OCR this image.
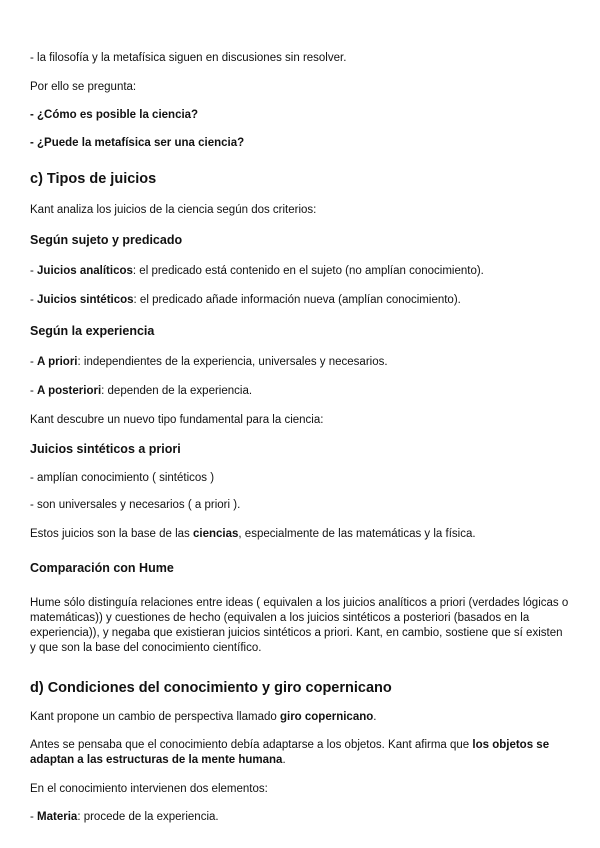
- la filosofía y la metafísica siguen en discusiones sin resolver.

Por ello se pregunta:

- ¿Cómo es posible la ciencia?

- ¿Puede la metafísica ser una ciencia?

c) Tipos de juicios

Kant analiza los juicios de la ciencia según dos criterios:

Según sujeto y predicado

- Juicios analíticos: el predicado está contenido en el sujeto (no amplían conocimiento).

- Juicios sintéticos: el predicado añade información nueva (amplían conocimiento).

Según la experiencia

- A priori: independientes de la experiencia, universales y necesarios.

- A posteriori: dependen de la experiencia.

Kant descubre un nuevo tipo fundamental para la ciencia:

Juicios sintéticos a priori

- amplían conocimiento ( sintéticos )

- son universales y necesarios ( a priori ).

Estos juicios son la base de las ciencias, especialmente de las matemáticas y la física.

Comparación con Hume

Hume sólo distinguía relaciones entre ideas ( equivalen a los juicios analíticos a priori (verdades lógicas o matemáticas)) y cuestiones de hecho (equivalen a los juicios sintéticos a posteriori (basados en la experiencia)), y negaba que existieran juicios sintéticos a priori. Kant, en cambio, sostiene que sí existen y que son la base del conocimiento científico.

d) Condiciones del conocimiento y giro copernicano

Kant propone un cambio de perspectiva llamado giro copernicano.

Antes se pensaba que el conocimiento debía adaptarse a los objetos. Kant afirma que los objetos se adaptan a las estructuras de la mente humana.

En el conocimiento intervienen dos elementos:

- Materia: procede de la experiencia.
